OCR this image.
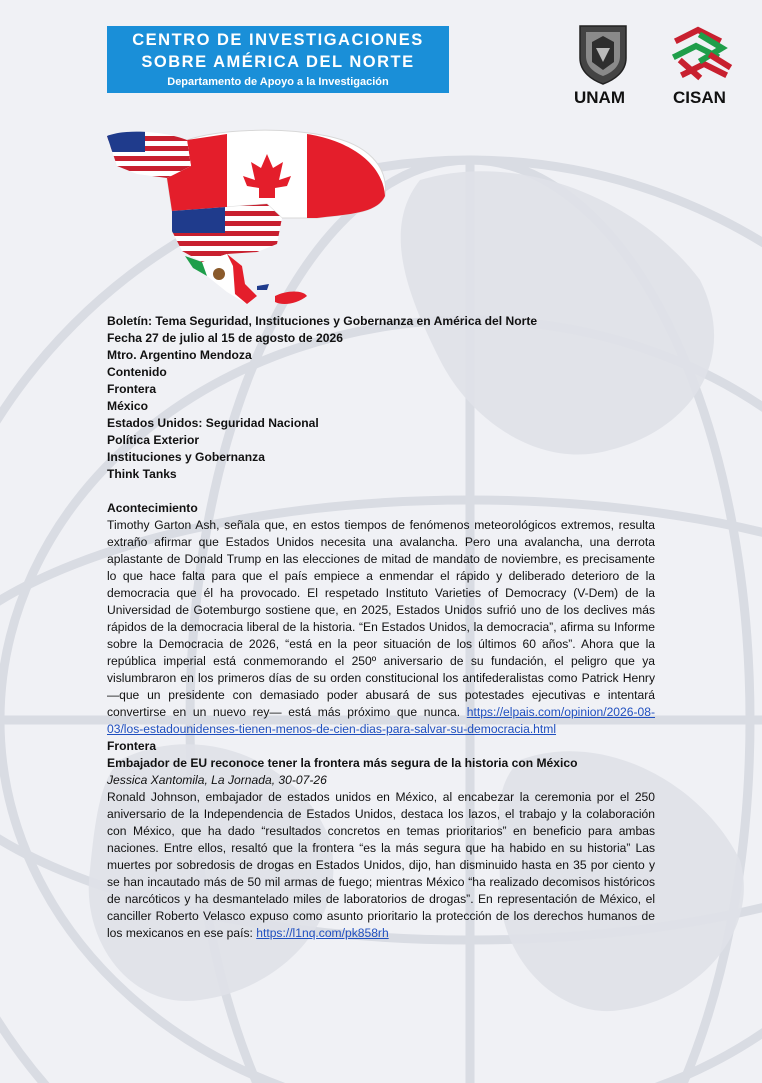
CENTRO DE INVESTIGACIONES
SOBRE AMÉRICA DEL NORTE
Departamento de Apoyo a la Investigación
UNAM	CISAN
Boletín: Tema Seguridad, Instituciones y Gobernanza en América del Norte
Fecha 27 de julio al 15 de agosto de 2026
Mtro. Argentino Mendoza
Contenido
Frontera
México
Estados Unidos: Seguridad Nacional
Política Exterior
Instituciones y Gobernanza
Think Tanks
Acontecimiento

Timothy Garton Ash, señala que, en estos tiempos de fenómenos meteorológicos extremos, resulta extraño afirmar que Estados Unidos necesita una avalancha. Pero una avalancha, una derrota aplastante de Donald Trump en las elecciones de mitad de mandato de noviembre, es precisamente lo que hace falta para que el país empiece a enmendar el rápido y deliberado deterioro de la democracia que él ha provocado. El respetado Instituto Varieties of Democracy (V-Dem) de la Universidad de Gotemburgo sostiene que, en 2025, Estados Unidos sufrió uno de los declives más rápidos de la democracia liberal de la historia. “En Estados Unidos, la democracia”, afirma su Informe sobre la Democracia de 2026, “está en la peor situación de los últimos 60 años”. Ahora que la república imperial está conmemorando el 250º aniversario de su fundación, el peligro que ya vislumbraron en los primeros días de su orden constitucional los antifederalistas como Patrick Henry —que un presidente con demasiado poder abusará de sus potestades ejecutivas e intentará convertirse en un nuevo rey— está más próximo que nunca. https://elpais.com/opinion/2026-08-03/los-estadounidenses-tienen-menos-de-cien-dias-para-salvar-su-democracia.html

Frontera
Embajador de EU reconoce tener la frontera más segura de la historia con México
Jessica Xantomila, La Jornada, 30-07-26

Ronald Johnson, embajador de estados unidos en México, al encabezar la ceremonia por el 250 aniversario de la Independencia de Estados Unidos, destaca los lazos, el trabajo y la colaboración con México, que ha dado “resultados concretos en temas prioritarios” en beneficio para ambas naciones. Entre ellos, resaltó que la frontera “es la más segura que ha habido en su historia” Las muertes por sobredosis de drogas en Estados Unidos, dijo, han disminuido hasta en 35 por ciento y se han incautado más de 50 mil armas de fuego; mientras México “ha realizado decomisos históricos de narcóticos y ha desmantelado miles de laboratorios de drogas”. En representación de México, el canciller Roberto Velasco expuso como asunto prioritario la protección de los derechos humanos de los mexicanos en ese país: https://l1nq.com/pk858rh
